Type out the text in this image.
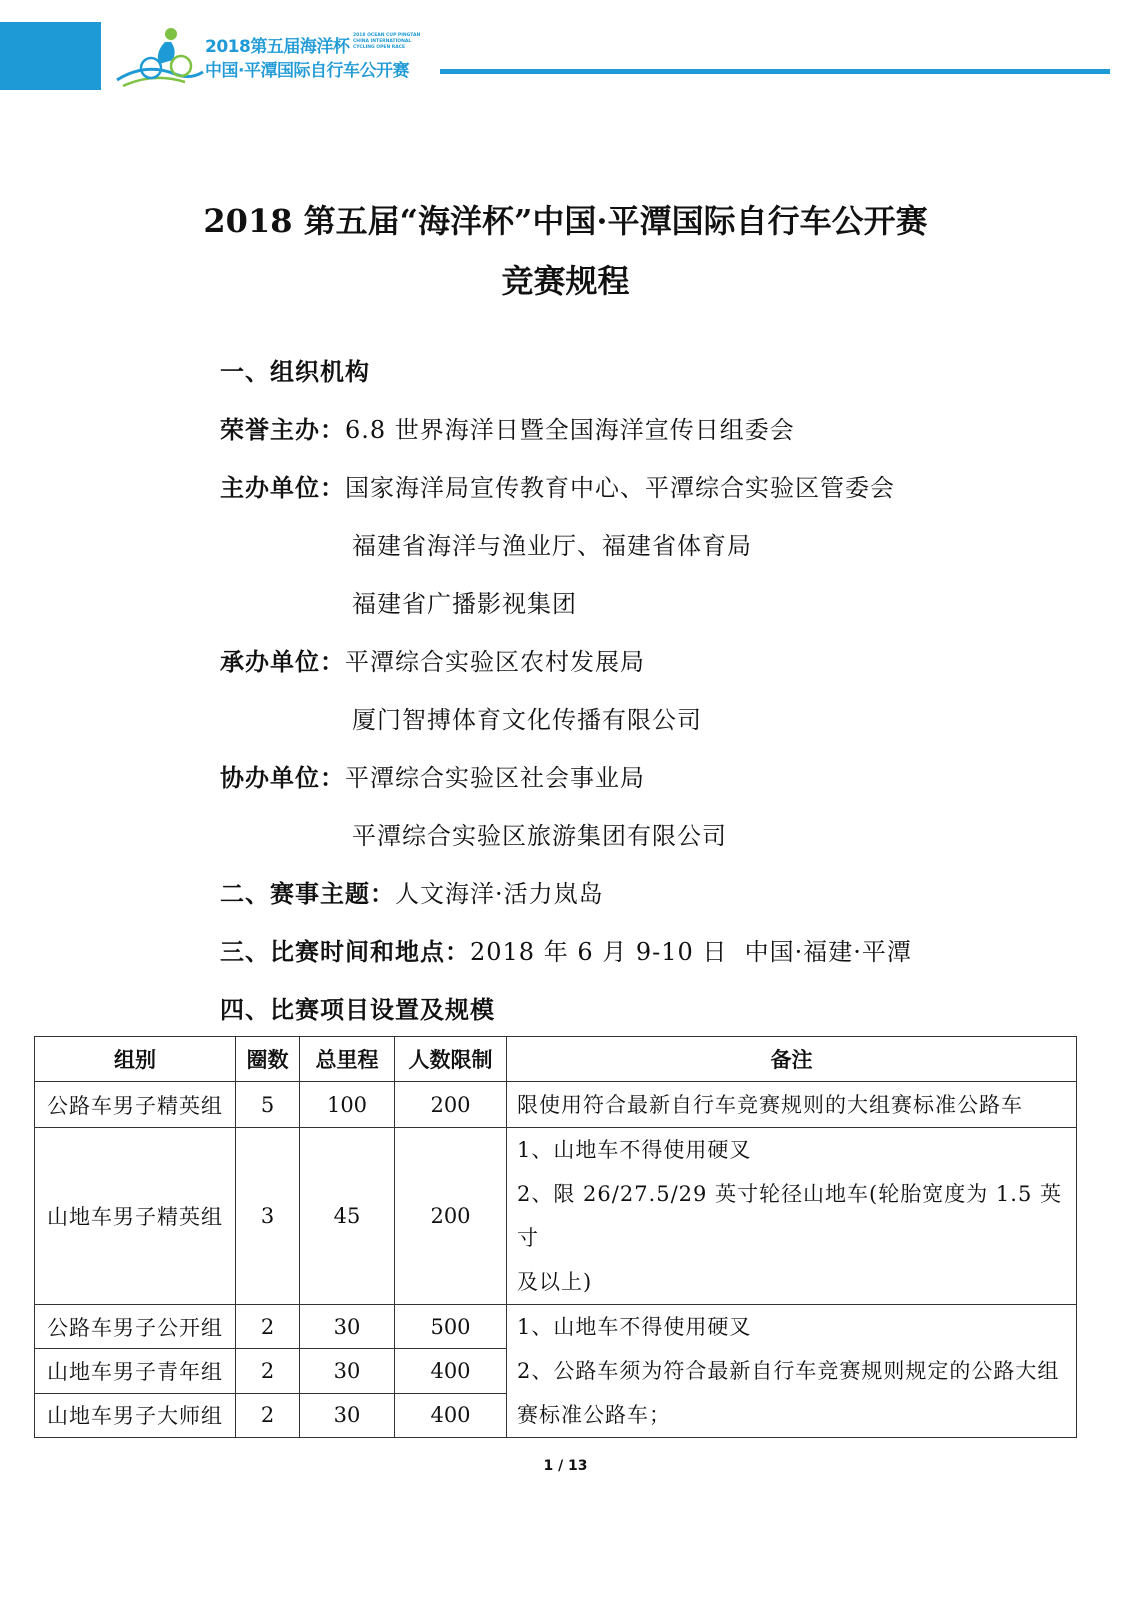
2018第五届海洋杯
2018 OCEAN CUP PINGTAN CHINA INTERNATIONAL CYCLING OPEN RACE
中国·平潭国际自行车公开赛
2018 第五届“海洋杯”中国·平潭国际自行车公开赛
竞赛规程
一、组织机构
荣誉主办：6.8 世界海洋日暨全国海洋宣传日组委会
主办单位：国家海洋局宣传教育中心、平潭综合实验区管委会
福建省海洋与渔业厅、福建省体育局
福建省广播影视集团
承办单位：平潭综合实验区农村发展局
厦门智搏体育文化传播有限公司
协办单位：平潭综合实验区社会事业局
平潭综合实验区旅游集团有限公司
二、赛事主题：人文海洋·活力岚岛
三、比赛时间和地点：2018 年 6 月 9-10 日  中国·福建·平潭
四、比赛项目设置及规模
组别	圈数	总里程	人数限制	备注
公路车男子精英组	5	100	200	限使用符合最新自行车竞赛规则的大组赛标准公路车
山地车男子精英组	3	45	200	1、山地车不得使用硬叉
2、限 26/27.5/29 英寸轮径山地车(轮胎宽度为 1.5 英寸
及以上)

公路车男子公开组	2	30	500	1、山地车不得使用硬叉
2、公路车须为符合最新自行车竞赛规则规定的公路大组
赛标准公路车；

山地车男子青年组	2	30	400	
山地车男子大师组	2	30	400	
1 / 13
